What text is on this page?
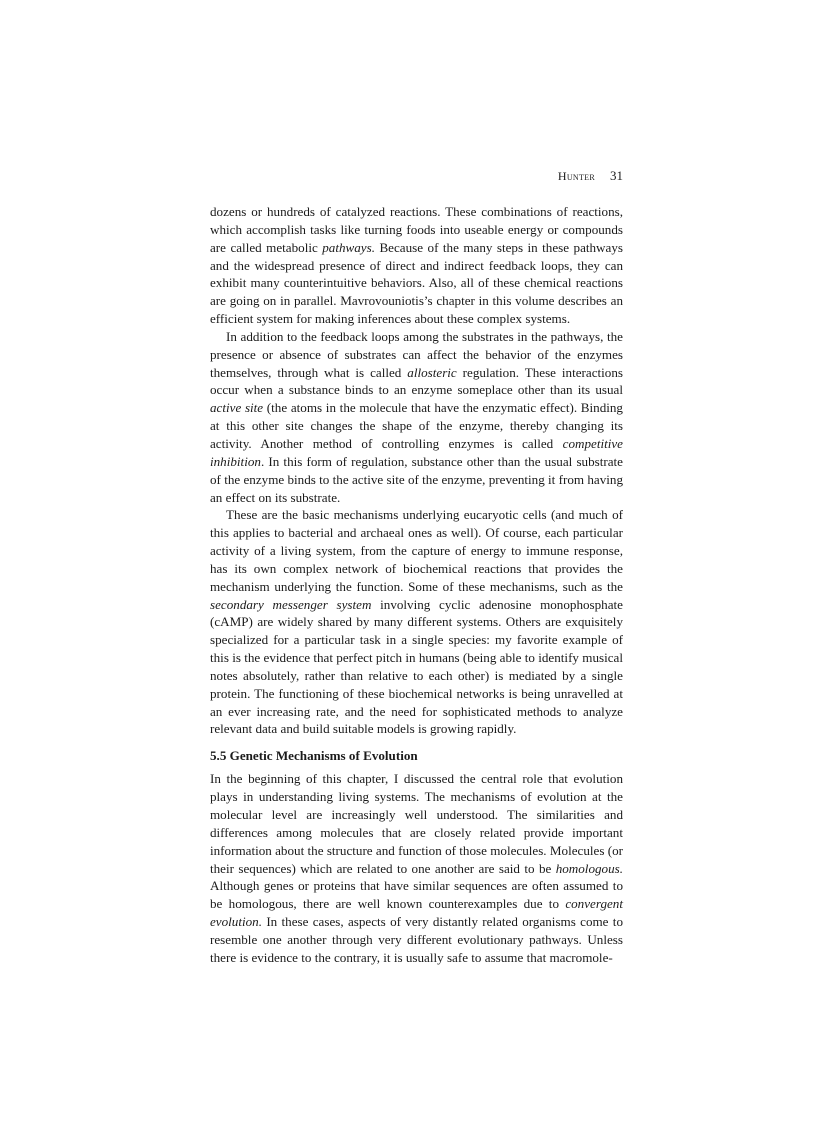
Hunter 31

dozens or hundreds of catalyzed reactions. These combinations of reactions, which accomplish tasks like turning foods into useable energy or compounds are called metabolic pathways. Because of the many steps in these pathways and the widespread presence of direct and indirect feedback loops, they can exhibit many counterintuitive behaviors. Also, all of these chemical reactions are going on in parallel. Mavrovouniotis’s chapter in this volume describes an efficient system for making inferences about these complex systems.

In addition to the feedback loops among the substrates in the pathways, the presence or absence of substrates can affect the behavior of the enzymes themselves, through what is called allosteric regulation. These interactions occur when a substance binds to an enzyme someplace other than its usual active site (the atoms in the molecule that have the enzymatic effect). Binding at this other site changes the shape of the enzyme, thereby changing its activity. Another method of controlling enzymes is called competitive inhibition. In this form of regulation, substance other than the usual substrate of the enzyme binds to the active site of the enzyme, preventing it from having an effect on its substrate.

These are the basic mechanisms underlying eucaryotic cells (and much of this applies to bacterial and archaeal ones as well). Of course, each particular activity of a living system, from the capture of energy to immune response, has its own complex network of biochemical reactions that provides the mechanism underlying the function. Some of these mechanisms, such as the secondary messenger system involving cyclic adenosine monophosphate (cAMP) are widely shared by many different systems. Others are exquisitely specialized for a particular task in a single species: my favorite example of this is the evidence that perfect pitch in humans (being able to identify musical notes absolutely, rather than relative to each other) is mediated by a single protein. The functioning of these biochemical networks is being unravelled at an ever increasing rate, and the need for sophisticated methods to analyze relevant data and build suitable models is growing rapidly.

5.5 Genetic Mechanisms of Evolution

In the beginning of this chapter, I discussed the central role that evolution plays in understanding living systems. The mechanisms of evolution at the molecular level are increasingly well understood. The similarities and differences among molecules that are closely related provide important information about the structure and function of those molecules. Molecules (or their sequences) which are related to one another are said to be homologous. Although genes or proteins that have similar sequences are often assumed to be homologous, there are well known counterexamples due to convergent evolution. In these cases, aspects of very distantly related organisms come to resemble one another through very different evolutionary pathways. Unless there is evidence to the contrary, it is usually safe to assume that macromole-
